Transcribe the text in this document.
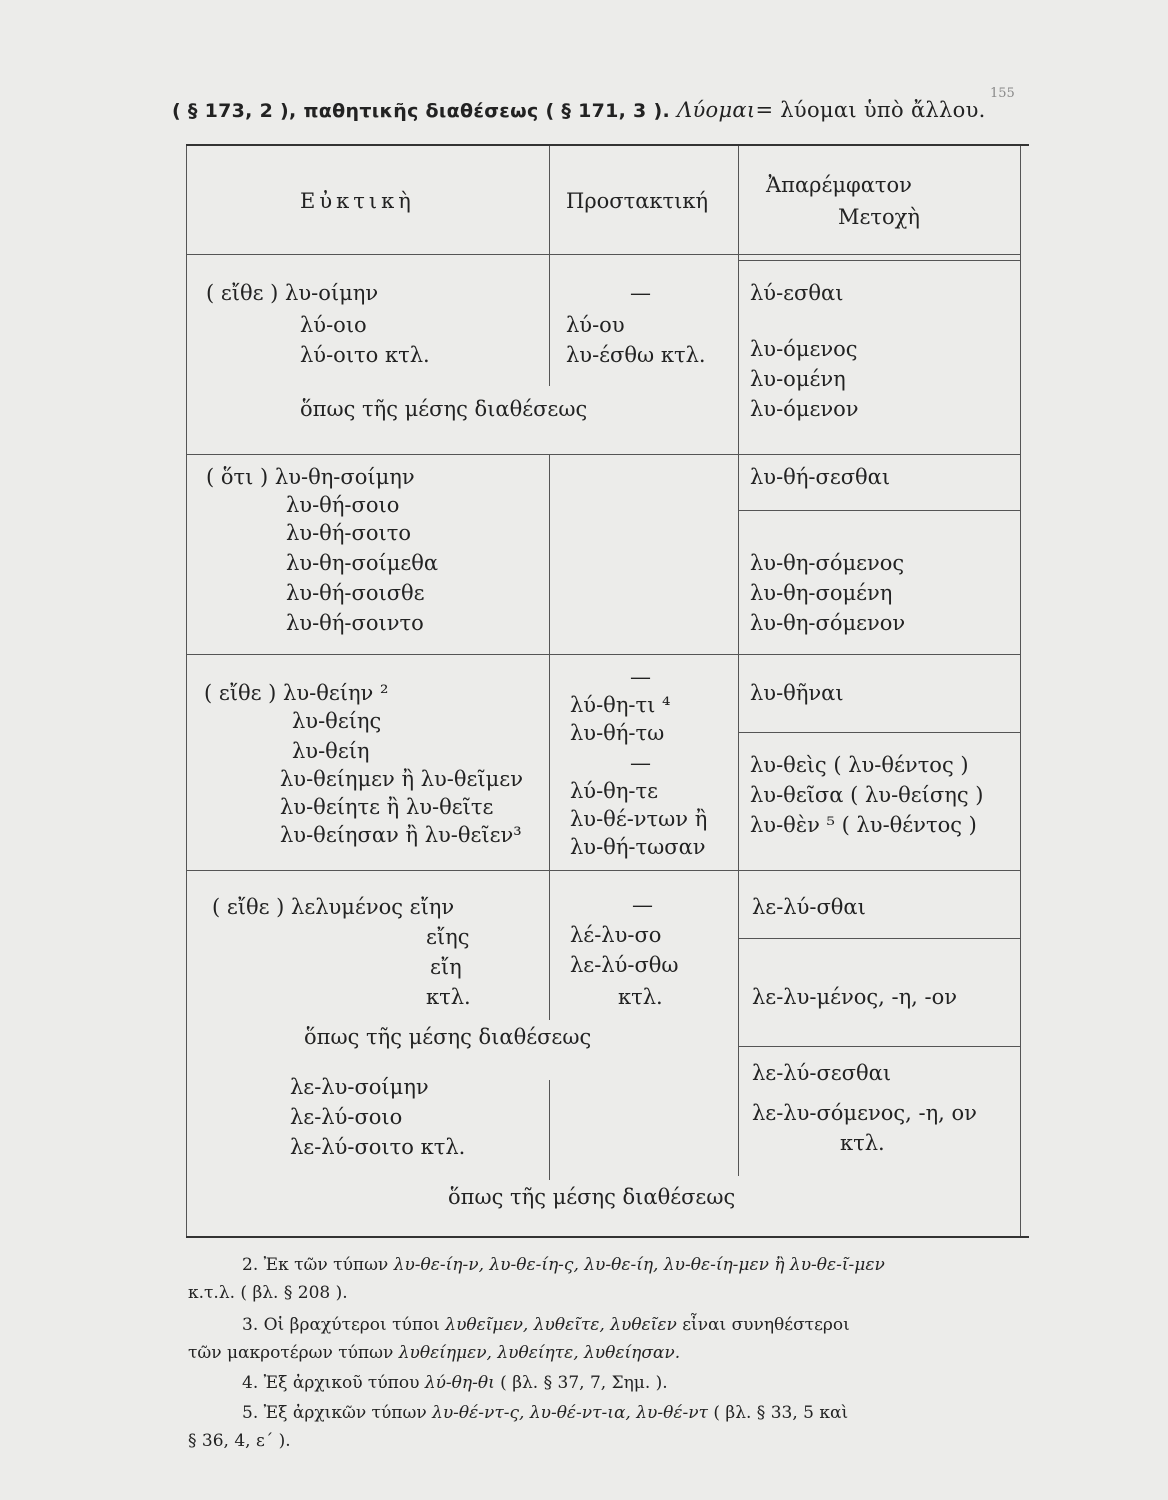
155
( § 173, 2 ), παθητικῆς διαθέσεως ( § 171, 3 ). Λύομαι= λύομαι ὑπὸ ἄλλου.
Εὐκτικὴ	Προστακτική
Ἀπαρέμφατον
Μετοχὴ
( εἴθε ) λυ-οίμην
λύ-οιο
λύ-οιτο κτλ.
—
λύ-ου
λυ-έσθω κτλ.
λύ-εσθαι
λυ-όμενος
λυ-ομένη
λυ-όμενον
ὅπως τῆς μέσης διαθέσεως
( ὅτι ) λυ-θη-σοίμην
λυ-θή-σοιο
λυ-θή-σοιτο
λυ-θη-σοίμεθα
λυ-θή-σοισθε
λυ-θή-σοιντο
λυ-θή-σεσθαι
λυ-θη-σόμενος
λυ-θη-σομένη
λυ-θη-σόμενον
( εἴθε ) λυ-θείην ²
λυ-θείης
λυ-θείη
λυ-θείημεν ἢ λυ-θεῖμεν
λυ-θείητε ἢ λυ-θεῖτε
λυ-θείησαν ἢ λυ-θεῖεν³
—
λύ-θη-τι ⁴
λυ-θή-τω
—
λύ-θη-τε
λυ-θέ-ντων ἢ
λυ-θή-τωσαν
λυ-θῆναι
λυ-θεὶς ( λυ-θέντος )
λυ-θεῖσα ( λυ-θείσης )
λυ-θὲν ⁵ ( λυ-θέντος )
( εἴθε ) λελυμένος εἴην
εἴης
εἴη
κτλ.
—
λέ-λυ-σο
λε-λύ-σθω
κτλ.
λε-λύ-σθαι
λε-λυ-μένος, -η, -ον
ὅπως τῆς μέσης διαθέσεως
λε-λυ-σοίμην
λε-λύ-σοιο
λε-λύ-σοιτο κτλ.
λε-λύ-σεσθαι
λε-λυ-σόμενος, -η, ον
κτλ.
ὅπως τῆς μέσης διαθέσεως
2. Ἐκ τῶν τύπων λυ-θε-ίη-ν, λυ-θε-ίη-ς, λυ-θε-ίη, λυ-θε-ίη-μεν ἢ λυ-θε-ῖ-μεν
κ.τ.λ. ( βλ. § 208 ).
3. Οἱ βραχύτεροι τύποι λυθεῖμεν, λυθεῖτε, λυθεῖεν εἶναι συνηθέστεροι
τῶν μακροτέρων τύπων λυθείημεν, λυθείητε, λυθείησαν.
4. Ἐξ ἀρχικοῦ τύπου λύ-θη-θι ( βλ. § 37, 7, Σημ. ).
5. Ἐξ ἀρχικῶν τύπων λυ-θέ-ντ-ς, λυ-θέ-ντ-ια, λυ-θέ-ντ ( βλ. § 33, 5 καὶ
§ 36, 4, ε΄ ).
